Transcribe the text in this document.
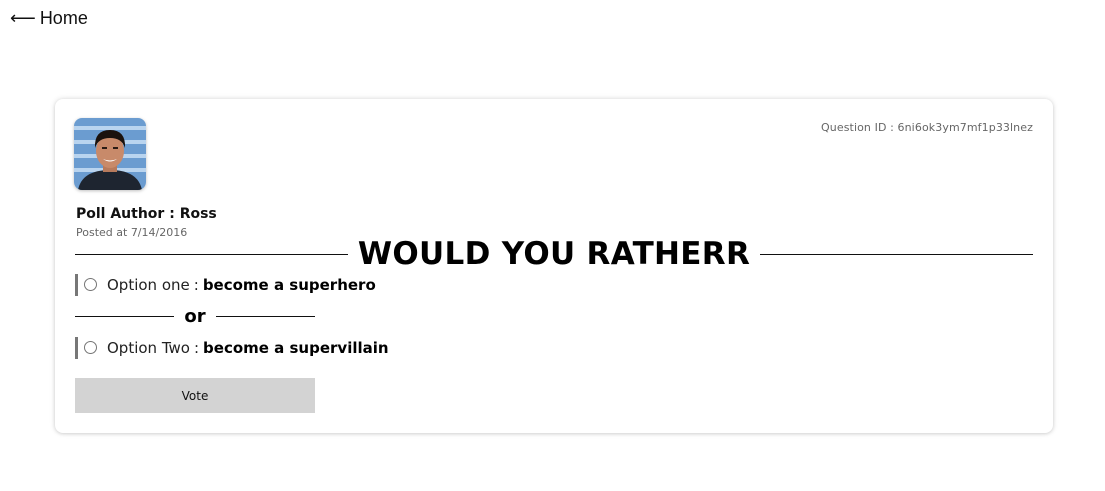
⟵ Home
Question ID : 6ni6ok3ym7mf1p33lnez
Poll Author : Ross
Posted at 7/14/2016
WOULD YOU RATHERR
Option one : become a superhero
or
Option Two : become a supervillain
Vote
